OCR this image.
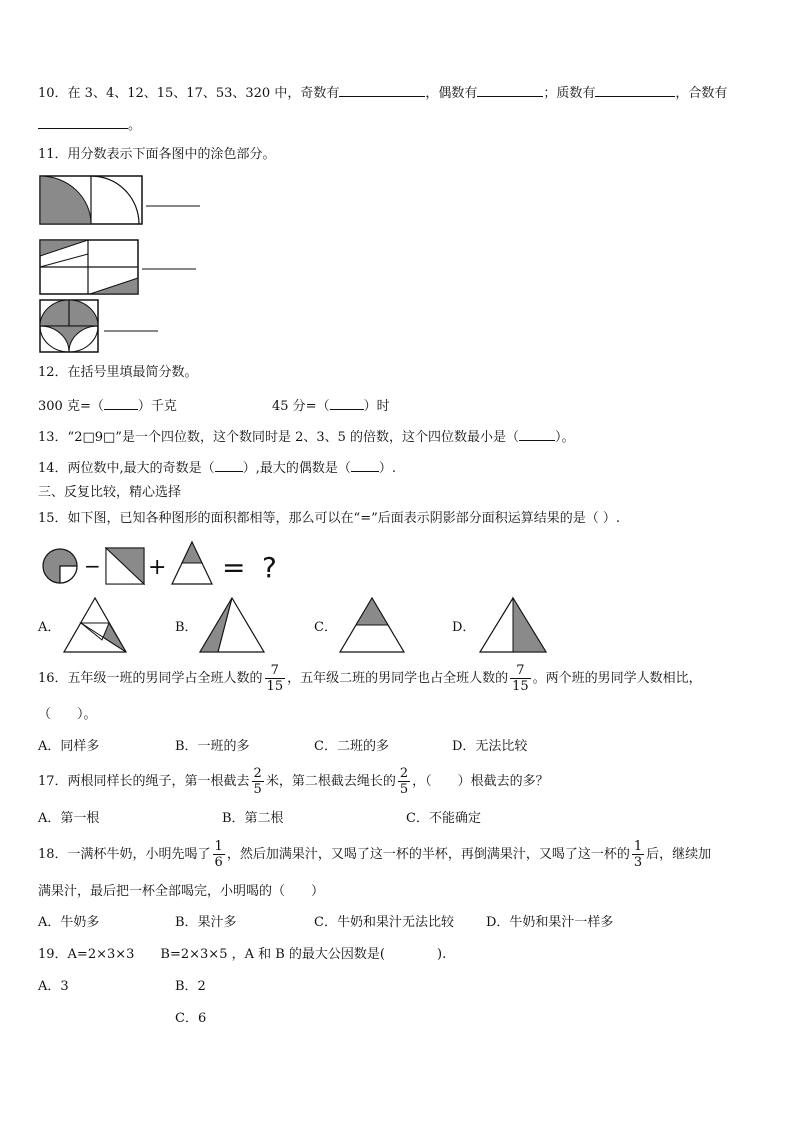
10．在 3、4、12、15、17、53、320 中，奇数有	，偶数有	；质数有	，合数有
。
11．用分数表示下面各图中的涂色部分。
12．在括号里填最简分数。
300 克=（	）千克	45 分=（	）时
13．“2□9□”是一个四位数，这个数同时是 2、3、5 的倍数，这个四位数最小是（	）。
14．两位数中,最大的奇数是（ ）,最大的偶数是（ ）.
三、反复比较，精心选择
15．如下图，已知各种图形的面积都相等，那么可以在“=”后面表示阴影部分面积运算结果的是（ ）.
− + = ?
A．	B．	C．	D．
16．五年级一班的男同学占全班人数的 $\frac{7}{15}$ ，五年级二班的男同学也占全班人数的 $\frac{7}{15}$ 。两个班的男同学人数相比，
（　　）。
A．同样多	B．一班的多	C．二班的多	D．无法比较
17．两根同样长的绳子，第一根截去 $\frac{2}{5}$ 米，第二根截去绳长的 $\frac{2}{5}$ ，（　　）根截去的多？
A．第一根	B．第二根	C．不能确定
18．一满杯牛奶，小明先喝了 $\frac{1}{6}$ ，然后加满果汁，又喝了这一杯的半杯，再倒满果汁，又喝了这一杯的 $\frac{1}{3}$ 后，继续加
满果汁，最后把一杯全部喝完，小明喝的（　　）
A．牛奶多	B．果汁多	C．牛奶和果汁无法比较 D．牛奶和果汁一样多
19．A=2×3×3　　B=2×3×5 ，A 和 B 的最大公因数是(　　　　).
A．3	B．2
C．6
